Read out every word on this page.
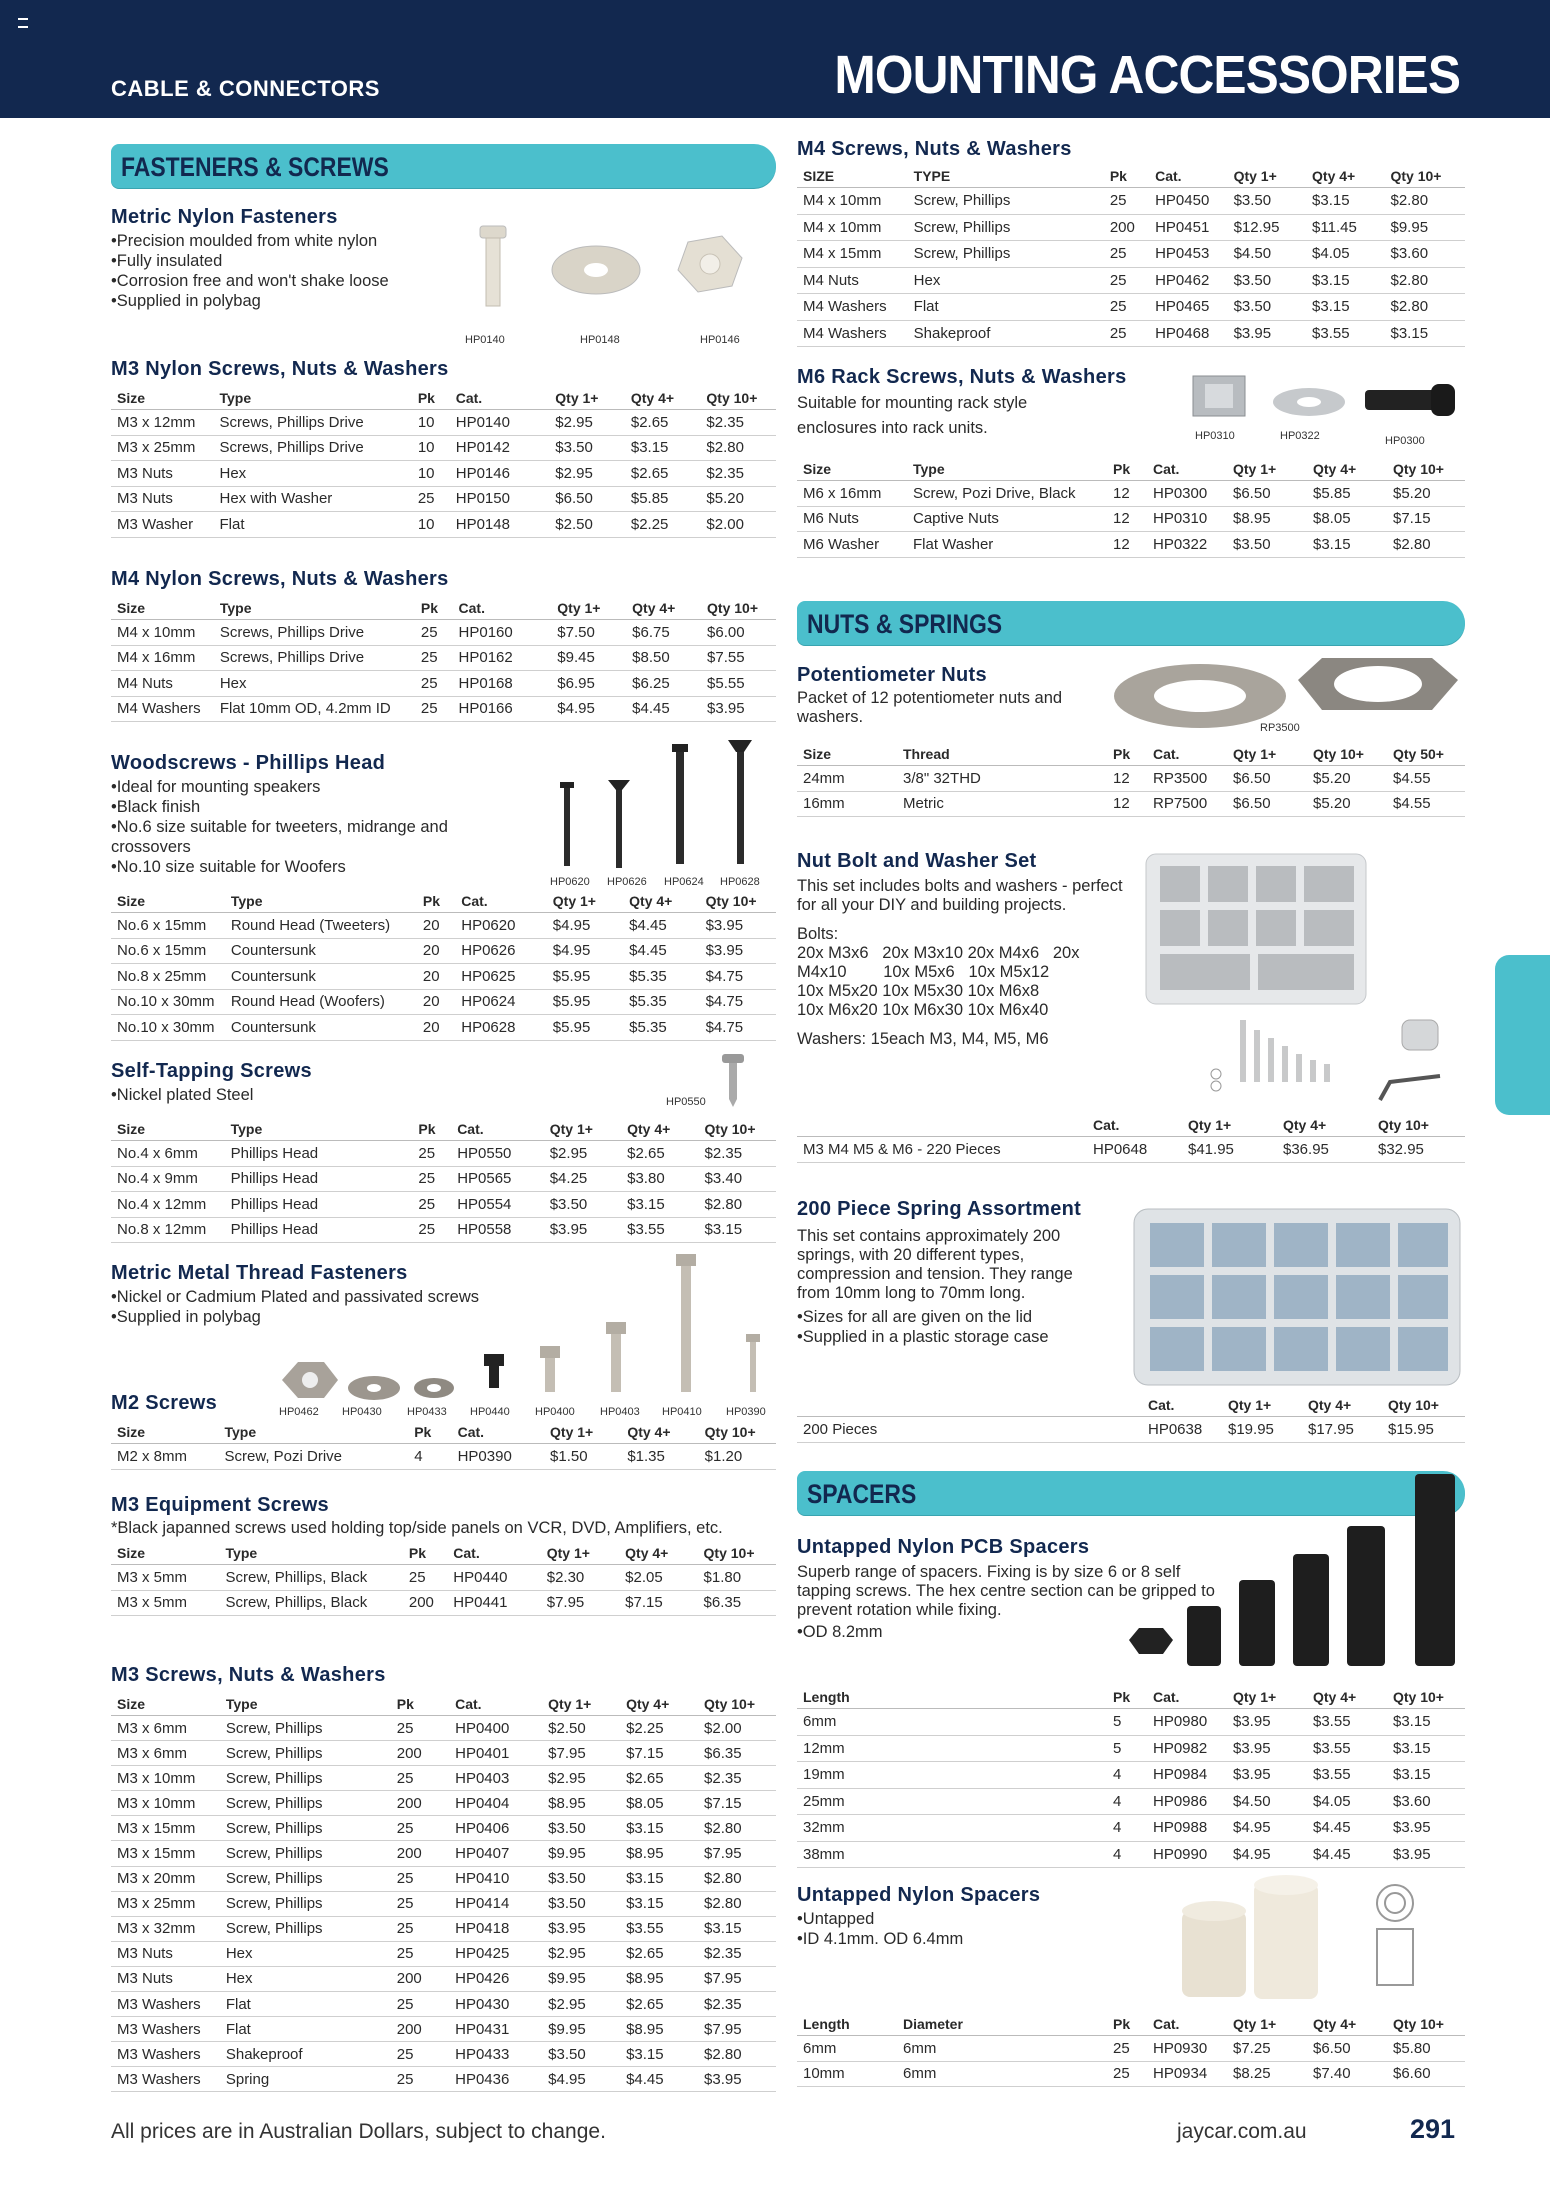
CABLE & CONNECTORS	MOUNTING ACCESSORIES
FASTENERS & SCREWS
Metric Nylon Fasteners
• Precision moulded from white nylon
• Fully insulated
• Corrosion free and won't shake loose
• Supplied in polybag
HP0140	HP0148	HP0146
M3 Nylon Screws, Nuts & Washers
Size	Type	Pk	Cat.	Qty 1+	Qty 4+	Qty 10+
M3 x 12mm	Screws, Phillips Drive	10	HP0140	$2.95	$2.65	$2.35
M3 x 25mm	Screws, Phillips Drive	10	HP0142	$3.50	$3.15	$2.80
M3 Nuts	Hex	10	HP0146	$2.95	$2.65	$2.35
M3 Nuts	Hex with Washer	25	HP0150	$6.50	$5.85	$5.20
M3 Washer	Flat	10	HP0148	$2.50	$2.25	$2.00
M4 Nylon Screws, Nuts & Washers
Size	Type	Pk	Cat.	Qty 1+	Qty 4+	Qty 10+
M4 x 10mm	Screws, Phillips Drive	25	HP0160	$7.50	$6.75	$6.00
M4 x 16mm	Screws, Phillips Drive	25	HP0162	$9.45	$8.50	$7.55
M4 Nuts	Hex	25	HP0168	$6.95	$6.25	$5.55
M4 Washers	Flat 10mm OD, 4.2mm ID	25	HP0166	$4.95	$4.45	$3.95
Woodscrews - Phillips Head
• Ideal for mounting speakers
• Black finish
• No.6 size suitable for tweeters, midrange and crossovers
• No.10 size suitable for Woofers
HP0620 HP0626 HP0624 HP0628
Size	Type	Pk	Cat.	Qty 1+	Qty 4+	Qty 10+
No.6 x 15mm	Round Head (Tweeters)	20	HP0620	$4.95	$4.45	$3.95
No.6 x 15mm	Countersunk	20	HP0626	$4.95	$4.45	$3.95
No.8 x 25mm	Countersunk	20	HP0625	$5.95	$5.35	$4.75
No.10 x 30mm	Round Head (Woofers)	20	HP0624	$5.95	$5.35	$4.75
No.10 x 30mm	Countersunk	20	HP0628	$5.95	$5.35	$4.75
Self-Tapping Screws
• Nickel plated Steel	HP0550
Size	Type	Pk	Cat.	Qty 1+	Qty 4+	Qty 10+
No.4 x 6mm	Phillips Head	25	HP0550	$2.95	$2.65	$2.35
No.4 x 9mm	Phillips Head	25	HP0565	$4.25	$3.80	$3.40
No.4 x 12mm	Phillips Head	25	HP0554	$3.50	$3.15	$2.80
No.8 x 12mm	Phillips Head	25	HP0558	$3.95	$3.55	$3.15
Metric Metal Thread Fasteners
• Nickel or Cadmium Plated and passivated screws
• Supplied in polybag
HP0462 HP0430 HP0433 HP0440 HP0400 HP0403 HP0410 HP0390
M2 Screws
Size	Type	Pk	Cat.	Qty 1+	Qty 4+	Qty 10+
M2 x 8mm	Screw, Pozi Drive	4	HP0390	$1.50	$1.35	$1.20
M3 Equipment Screws

*Black japanned screws used holding top/side panels on VCR, DVD, Amplifiers, etc.

Size	Type	Pk	Cat.	Qty 1+	Qty 4+	Qty 10+
M3 x 5mm	Screw, Phillips, Black	25	HP0440	$2.30	$2.05	$1.80
M3 x 5mm	Screw, Phillips, Black	200	HP0441	$7.95	$7.15	$6.35
M3 Screws, Nuts & Washers
Size	Type	Pk	Cat.	Qty 1+	Qty 4+	Qty 10+
M3 x 6mm	Screw, Phillips	25	HP0400	$2.50	$2.25	$2.00
M3 x 6mm	Screw, Phillips	200	HP0401	$7.95	$7.15	$6.35
M3 x 10mm	Screw, Phillips	25	HP0403	$2.95	$2.65	$2.35
M3 x 10mm	Screw, Phillips	200	HP0404	$8.95	$8.05	$7.15
M3 x 15mm	Screw, Phillips	25	HP0406	$3.50	$3.15	$2.80
M3 x 15mm	Screw, Phillips	200	HP0407	$9.95	$8.95	$7.95
M3 x 20mm	Screw, Phillips	25	HP0410	$3.50	$3.15	$2.80
M3 x 25mm	Screw, Phillips	25	HP0414	$3.50	$3.15	$2.80
M3 x 32mm	Screw, Phillips	25	HP0418	$3.95	$3.55	$3.15
M3 Nuts	Hex	25	HP0425	$2.95	$2.65	$2.35
M3 Nuts	Hex	200	HP0426	$9.95	$8.95	$7.95
M3 Washers	Flat	25	HP0430	$2.95	$2.65	$2.35
M3 Washers	Flat	200	HP0431	$9.95	$8.95	$7.95
M3 Washers	Shakeproof	25	HP0433	$3.50	$3.15	$2.80
M3 Washers	Spring	25	HP0436	$4.95	$4.45	$3.95
M4 Screws, Nuts & Washers
SIZE	TYPE	Pk	Cat.	Qty 1+	Qty 4+	Qty 10+
M4 x 10mm	Screw, Phillips	25	HP0450	$3.50	$3.15	$2.80
M4 x 10mm	Screw, Phillips	200	HP0451	$12.95	$11.45	$9.95
M4 x 15mm	Screw, Phillips	25	HP0453	$4.50	$4.05	$3.60
M4 Nuts	Hex	25	HP0462	$3.50	$3.15	$2.80
M4 Washers	Flat	25	HP0465	$3.50	$3.15	$2.80
M4 Washers	Shakeproof	25	HP0468	$3.95	$3.55	$3.15
M6 Rack Screws, Nuts & Washers

Suitable for mounting rack style enclosures into rack units.	HP0310	HP0322	HP0300
Size	Type	Pk	Cat.	Qty 1+	Qty 4+	Qty 10+
M6 x 16mm	Screw, Pozi Drive, Black	12	HP0300	$6.50	$5.85	$5.20
M6 Nuts	Captive Nuts	12	HP0310	$8.95	$8.05	$7.15
M6 Washer	Flat Washer	12	HP0322	$3.50	$3.15	$2.80
NUTS & SPRINGS
Potentiometer Nuts

Packet of 12 potentiometer nuts and washers.

RP3500
Size	Thread	Pk	Cat.	Qty 1+	Qty 10+	Qty 50+
24mm	3/8" 32THD	12	RP3500	$6.50	$5.20	$4.55
16mm	Metric	12	RP7500	$6.50	$5.20	$4.55
Nut Bolt and Washer Set

This set includes bolts and washers - perfect for all your DIY and building projects.

Bolts:

20x M3x6   20x M3x10 20x M4x6   20x

M4x10        10x M5x6   10x M5x12

10x M5x20 10x M5x30 10x M6x8

10x M6x20 10x M6x30 10x M6x40

Washers: 15each M3, M4, M5, M6

	Cat.	Qty 1+	Qty 4+	Qty 10+
M3 M4 M5 & M6 - 220 Pieces	HP0648	$41.95	$36.95	$32.95
200 Piece Spring Assortment

This set contains approximately 200 springs, with 20 different types, compression and tension. They range from 10mm long to 70mm long.

• Sizes for all are given on the lid
• Supplied in a plastic storage case
	Cat.	Qty 1+	Qty 4+	Qty 10+
200 Pieces	HP0638	$19.95	$17.95	$15.95
SPACERS
Untapped Nylon PCB Spacers

Superb range of spacers. Fixing is by size 6 or 8 self tapping screws. The hex centre section can be gripped to prevent rotation while fixing.

• OD 8.2mm
Length	Pk	Cat.	Qty 1+	Qty 4+	Qty 10+
6mm	5	HP0980	$3.95	$3.55	$3.15
12mm	5	HP0982	$3.95	$3.55	$3.15
19mm	4	HP0984	$3.95	$3.55	$3.15
25mm	4	HP0986	$4.50	$4.05	$3.60
32mm	4	HP0988	$4.95	$4.45	$3.95
38mm	4	HP0990	$4.95	$4.45	$3.95
Untapped Nylon Spacers
• Untapped
• ID 4.1mm. OD 6.4mm
Length	Diameter	Pk	Cat.	Qty 1+	Qty 4+	Qty 10+
6mm	6mm	25	HP0930	$7.25	$6.50	$5.80
10mm	6mm	25	HP0934	$8.25	$7.40	$6.60
All prices are in Australian Dollars, subject to change.	jaycar.com.au	291
